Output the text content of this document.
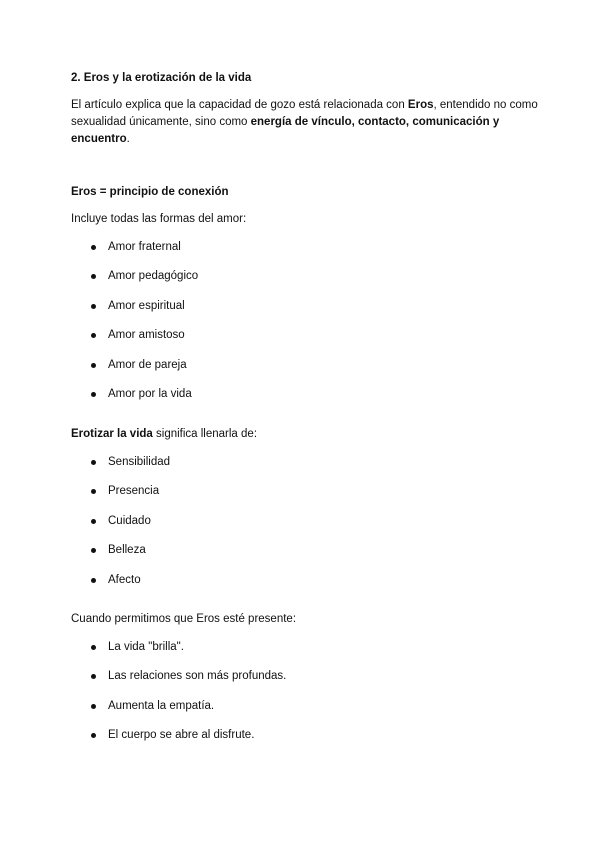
2. Eros y la erotización de la vida
El artículo explica que la capacidad de gozo está relacionada con Eros, entendido no como sexualidad únicamente, sino como energía de vínculo, contacto, comunicación y encuentro.
Eros = principio de conexión
Incluye todas las formas del amor:
Amor fraternal
Amor pedagógico
Amor espiritual
Amor amistoso
Amor de pareja
Amor por la vida
Erotizar la vida significa llenarla de:
Sensibilidad
Presencia
Cuidado
Belleza
Afecto
Cuando permitimos que Eros esté presente:
La vida "brilla".
Las relaciones son más profundas.
Aumenta la empatía.
El cuerpo se abre al disfrute.
